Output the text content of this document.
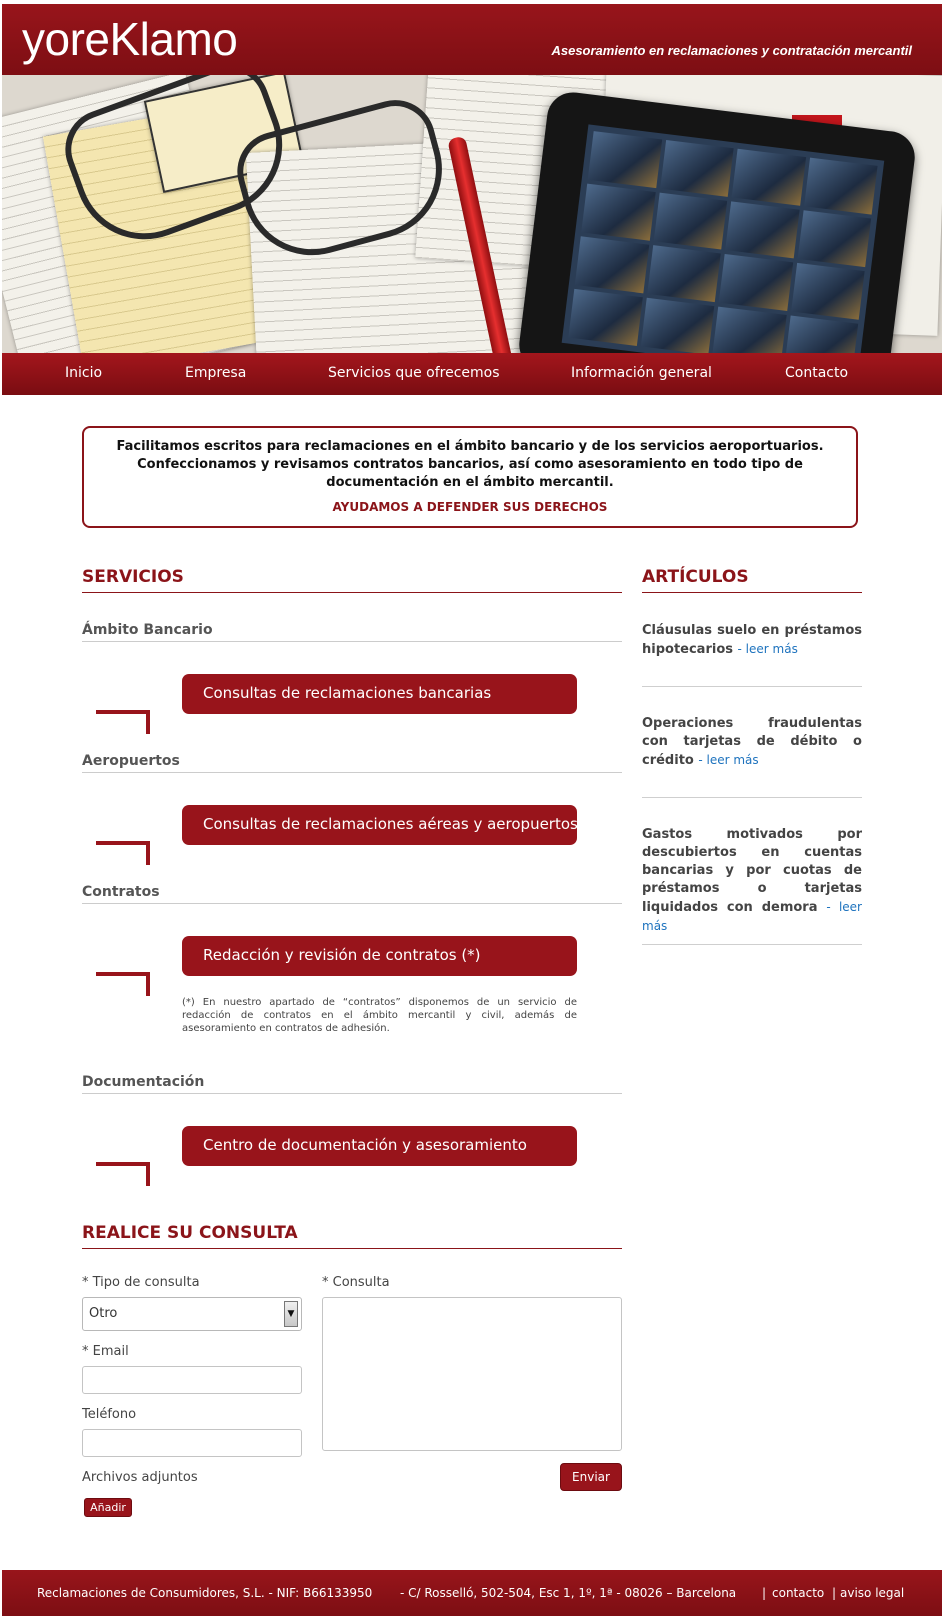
yoreKlamo	Asesoramiento en reclamaciones y contratación mercantil
Inicio	Empresa	Servicios que ofrecemos	Información general	Contacto
Facilitamos escritos para reclamaciones en el ámbito bancario y de los servicios aeroportuarios. Confeccionamos y revisamos contratos bancarios, así como asesoramiento en todo tipo de documentación en el ámbito mercantil.
AYUDAMOS A DEFENDER SUS DERECHOS
SERVICIOS
Ámbito Bancario
Consultas de reclamaciones bancarias
Aeropuertos
Consultas de reclamaciones aéreas y aeropuertos
Contratos
Redacción y revisión de contratos (*)
(*) En nuestro apartado de “contratos” disponemos de un servicio de redacción de contratos en el ámbito mercantil y civil, además de asesoramiento en contratos de adhesión.
Documentación
Centro de documentación y asesoramiento
ARTÍCULOS
Cláusulas suelo en préstamos hipotecarios - leer más
Operaciones fraudulentas con tarjetas de débito o crédito - leer más
Gastos motivados por descubiertos en cuentas bancarias y por cuotas de préstamos o tarjetas liquidados con demora - leer más
REALICE SU CONSULTA
* Tipo de consulta
Otro	▼
* Consulta
* Email
Teléfono
Archivos adjuntos	Enviar
Añadir
Reclamaciones de Consumidores, S.L. - NIF: B66133950 - C/ Rosselló, 502-504, Esc 1, 1º, 1ª - 08026 – Barcelona | contacto | aviso legal
